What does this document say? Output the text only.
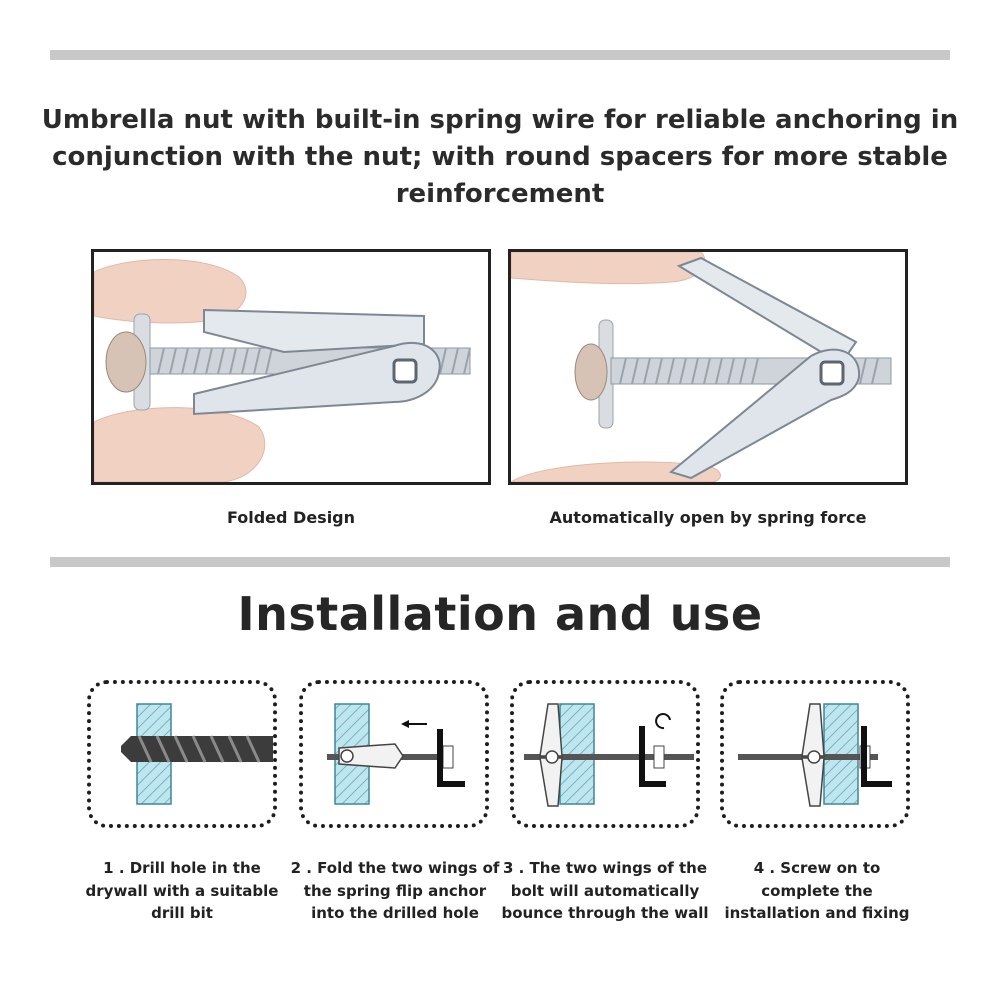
Umbrella nut with built-in spring wire for reliable anchoring in conjunction with the nut; with round spacers for more stable reinforcement

Folded Design	Automatically open by spring force
Installation and use
1 . Drill hole in the drywall with a suitable drill bit
2 . Fold the two wings of the spring flip anchor into the drilled hole
3 . The two wings of the bolt will automatically bounce through the wall
4 . Screw on to complete the installation and fixing
